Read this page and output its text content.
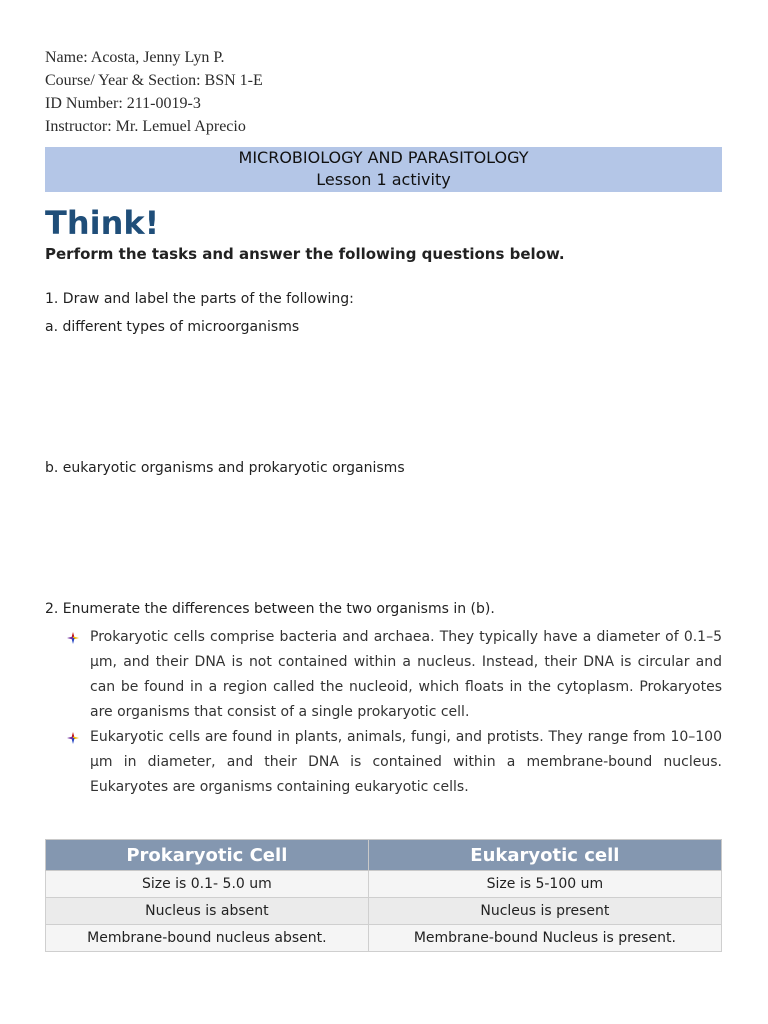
Name: Acosta, Jenny Lyn P.
Course/ Year & Section: BSN 1-E
ID Number: 211-0019-3
Instructor: Mr. Lemuel Aprecio
MICROBIOLOGY AND PARASITOLOGY
Lesson 1 activity
Think!
Perform the tasks and answer the following questions below.
1. Draw and label the parts of the following:
a. different types of microorganisms
b. eukaryotic organisms and prokaryotic organisms
2. Enumerate the differences between the two organisms in (b).
Prokaryotic cells comprise bacteria and archaea. They typically have a diameter of 0.1–5 µm, and their DNA is not contained within a nucleus. Instead, their DNA is circular and can be found in a region called the nucleoid, which floats in the cytoplasm. Prokaryotes are organisms that consist of a single prokaryotic cell.
Eukaryotic cells are found in plants, animals, fungi, and protists. They range from 10–100 µm in diameter, and their DNA is contained within a membrane-bound nucleus. Eukaryotes are organisms containing eukaryotic cells.
Prokaryotic Cell	Eukaryotic cell
Size is 0.1- 5.0 um	Size is 5-100 um
Nucleus is absent	Nucleus is present
Membrane-bound nucleus absent.	Membrane-bound Nucleus is present.
